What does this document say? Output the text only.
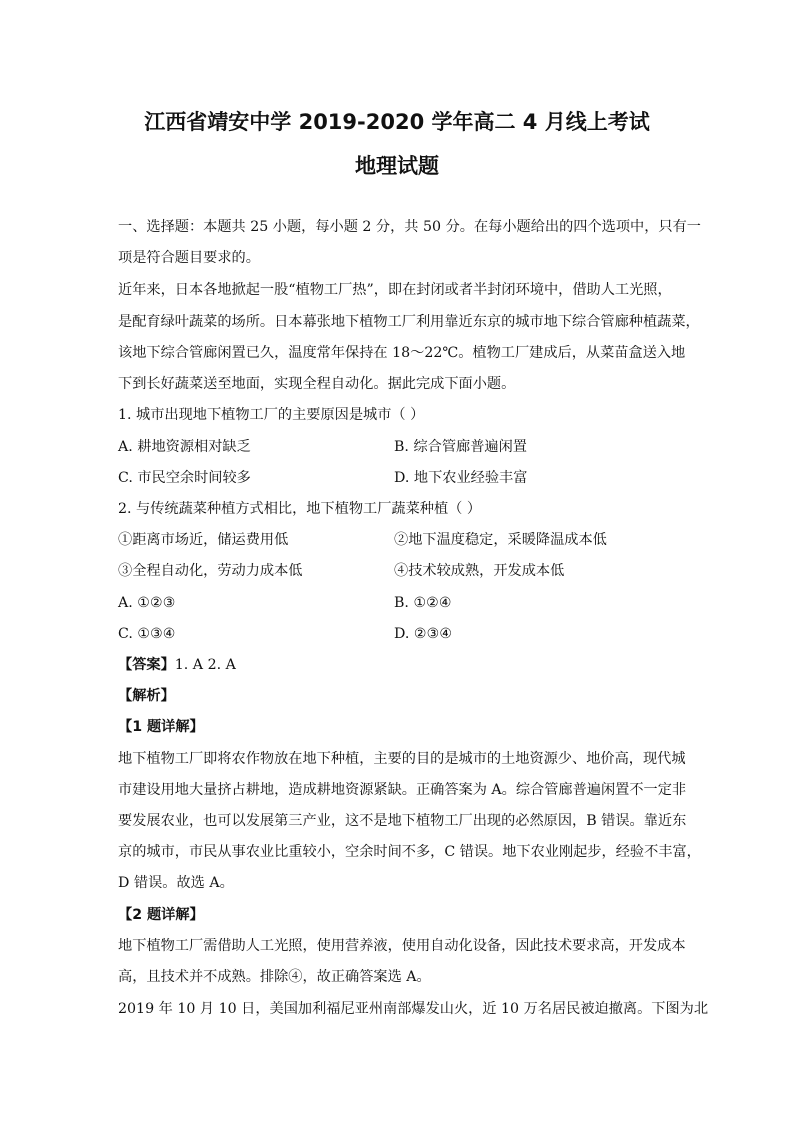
江西省靖安中学 2019-2020 学年高二 4 月线上考试
地理试题
一、选择题：本题共 25 小题，每小题 2 分，共 50 分。在每小题给出的四个选项中，只有一
项是符合题目要求的。
近年来，日本各地掀起一股“植物工厂热”，即在封闭或者半封闭环境中，借助人工光照，
是配育绿叶蔬菜的场所。日本幕张地下植物工厂利用靠近东京的城市地下综合管廊种植蔬菜，
该地下综合管廊闲置已久，温度常年保持在 18～22℃。植物工厂建成后，从菜苗盒送入地
下到长好蔬菜送至地面，实现全程自动化。据此完成下面小题。
1. 城市出现地下植物工厂的主要原因是城市（ ）
A. 耕地资源相对缺乏	B. 综合管廊普遍闲置
C. 市民空余时间较多	D. 地下农业经验丰富
2. 与传统蔬菜种植方式相比，地下植物工厂蔬菜种植（ ）
①距离市场近，储运费用低	②地下温度稳定，采暖降温成本低
③全程自动化，劳动力成本低	④技术较成熟，开发成本低
A. ①②③	B. ①②④
C. ①③④	D. ②③④
【答案】1. A 2. A
【解析】
【1 题详解】
地下植物工厂即将农作物放在地下种植，主要的目的是城市的土地资源少、地价高，现代城
市建设用地大量挤占耕地，造成耕地资源紧缺。正确答案为 A。综合管廊普遍闲置不一定非
要发展农业，也可以发展第三产业，这不是地下植物工厂出现的必然原因，B 错误。靠近东
京的城市，市民从事农业比重较小，空余时间不多，C 错误。地下农业刚起步，经验不丰富，
D 错误。故选 A。
【2 题详解】
地下植物工厂需借助人工光照，使用营养液，使用自动化设备，因此技术要求高，开发成本
高，且技术并不成熟。排除④，故正确答案选 A。
2019 年 10 月 10 日，美国加利福尼亚州南部爆发山火，近 10 万名居民被迫撤离。下图为北
